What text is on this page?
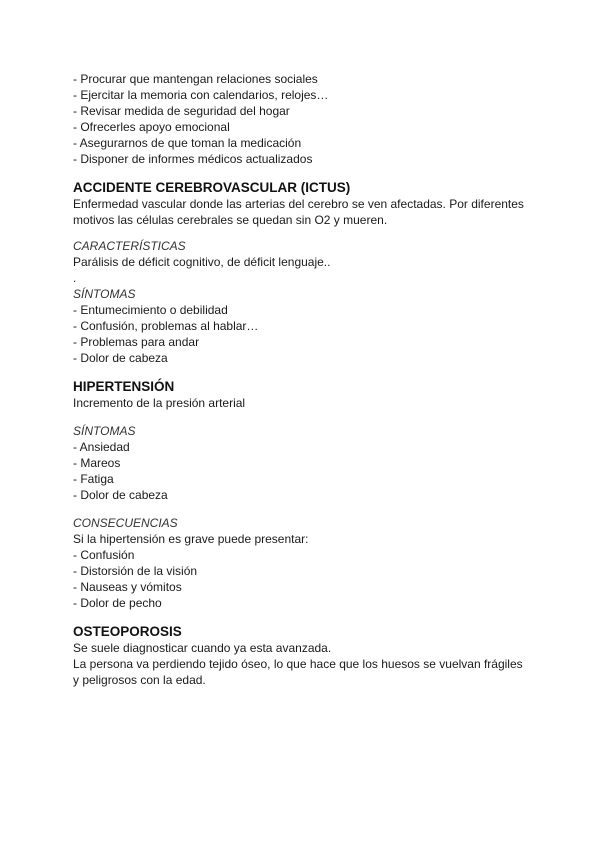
- Procurar que mantengan relaciones sociales
- Ejercitar la memoria con calendarios, relojes…
- Revisar medida de seguridad del hogar
- Ofrecerles apoyo emocional
- Asegurarnos de que toman la medicación
- Disponer de informes médicos actualizados
ACCIDENTE CEREBROVASCULAR (ICTUS)
Enfermedad vascular donde las arterias del cerebro se ven afectadas. Por diferentes
motivos las células cerebrales se quedan sin O2 y mueren.
CARACTERÍSTICAS
Parálisis de déficit cognitivo, de déficit lenguaje..
.
SÍNTOMAS
- Entumecimiento o debilidad
- Confusión, problemas al hablar…
- Problemas para andar
- Dolor de cabeza
HIPERTENSIÓN
Incremento de la presión arterial
SÍNTOMAS
- Ansiedad
- Mareos
- Fatiga
- Dolor de cabeza
CONSECUENCIAS
Si la hipertensión es grave puede presentar:
- Confusión
- Distorsión de la visión
- Nauseas y vómitos
- Dolor de pecho
OSTEOPOROSIS
Se suele diagnosticar cuando ya esta avanzada.
La persona va perdiendo tejido óseo, lo que hace que los huesos se vuelvan frágiles
y peligrosos con la edad.
